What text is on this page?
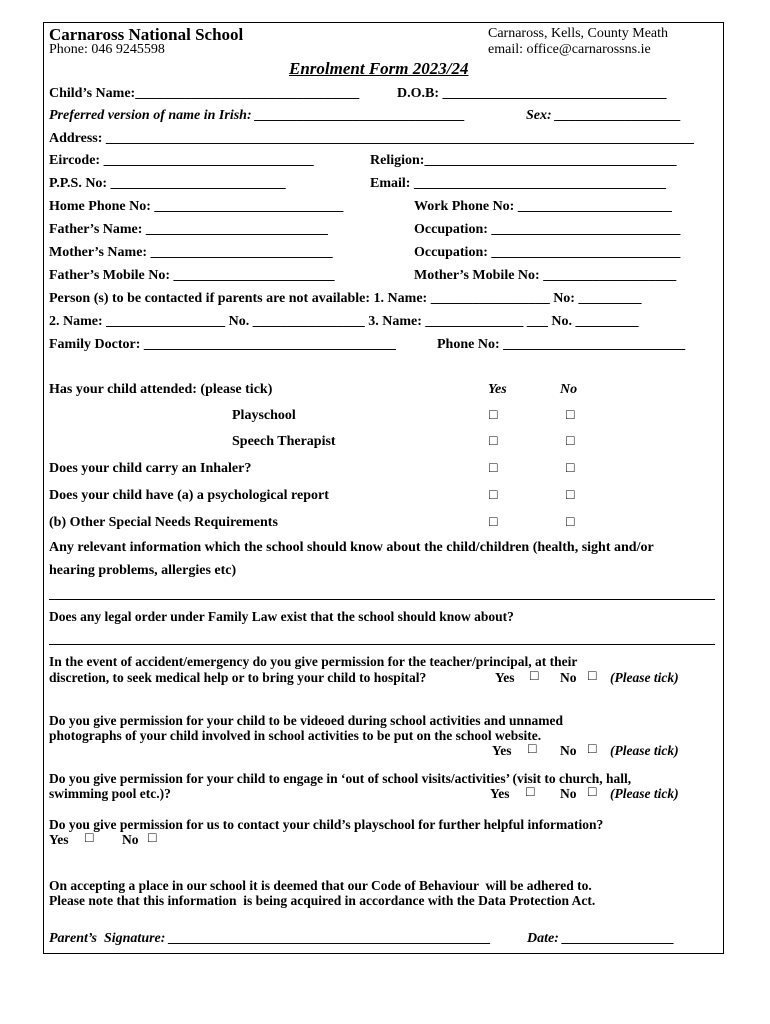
Carnaross National School
Phone: 046 9245598
Carnaross, Kells, County Meath
email: office@carnarossns.ie
Enrolment Form 2023/24
Child’s Name:________________________________	D.O.B: ________________________________
Preferred version of name in Irish: ______________________________	Sex: __________________
Address: ____________________________________________________________________________________
Eircode: ______________________________	Religion:____________________________________
P.P.S. No: _________________________	Email: ____________________________________
Home Phone No: ___________________________	Work Phone No: ______________________
Father’s Name: __________________________	Occupation: ___________________________
Mother’s Name: __________________________	Occupation: ___________________________
Father’s Mobile No: _______________________	Mother’s Mobile No: ___________________
Person (s) to be contacted if parents are not available: 1. Name: _________________ No: _________
2. Name: _________________ No. ________________ 3. Name: ______________ ___ No. _________
Family Doctor: ____________________________________	Phone No: __________________________
Has your child attended: (please tick)	Yes	No
Playschool	□	□
Speech Therapist	□	□
Does your child carry an Inhaler?	□	□
Does your child have (a) a psychological report	□	□
(b) Other Special Needs Requirements	□	□
Any relevant information which the school should know about the child/children (health, sight and/or
hearing problems, allergies etc)
Does any legal order under Family Law exist that the school should know about?
In the event of accident/emergency do you give permission for the teacher/principal, at their
discretion, to seek medical help or to bring your child to hospital?	Yes □ No □ (Please tick)
Do you give permission for your child to be videoed during school activities and unnamed
photographs of your child involved in school activities to be put on the school website.
Yes □ No □ (Please tick)
Do you give permission for your child to engage in ‘out of school visits/activities’ (visit to church, hall,
swimming pool etc.)?	Yes □ No □ (Please tick)
Do you give permission for us to contact your child’s playschool for further helpful information?
Yes □ No □
On accepting a place in our school it is deemed that our Code of Behaviour  will be adhered to.
Please note that this information  is being acquired in accordance with the Data Protection Act.
Parent’s  Signature: ______________________________________________	Date: ________________
